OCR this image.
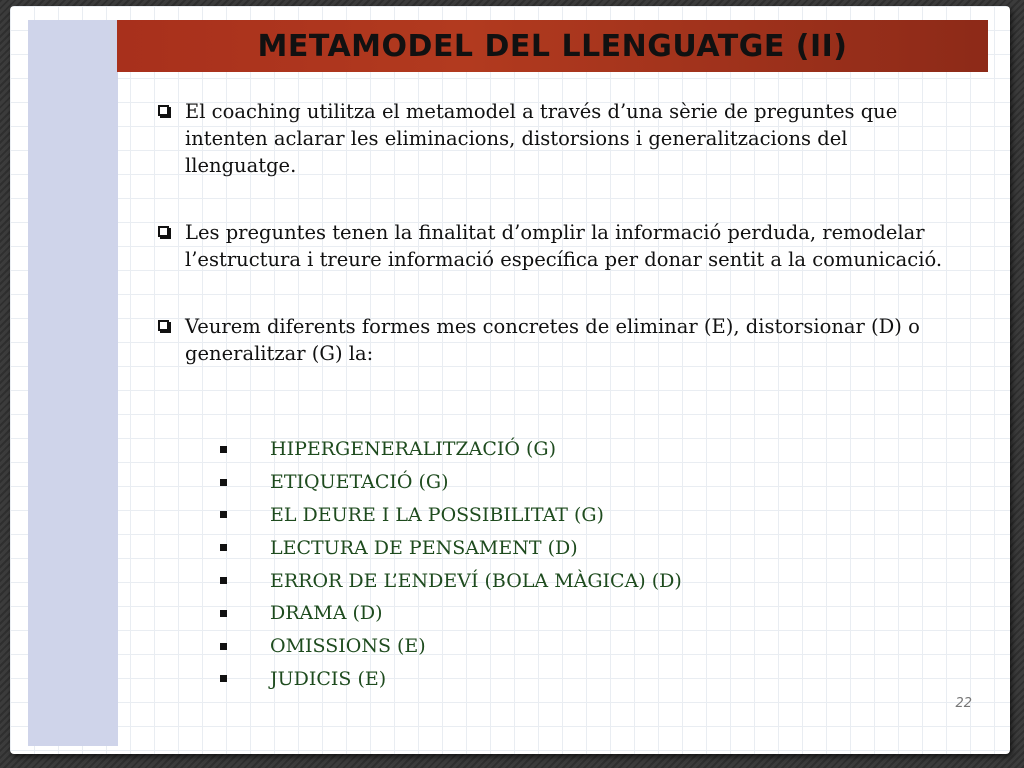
METAMODEL DEL LLENGUATGE (II)
El coaching utilitza el metamodel a través d’una sèrie de preguntes que intenten aclarar les eliminacions, distorsions i generalitzacions del llenguatge.
Les preguntes tenen la finalitat d’omplir la informació perduda, remodelar l’estructura i treure informació específica per donar sentit a la comunicació.
Veurem diferents formes mes concretes de eliminar (E), distorsionar (D) o generalitzar (G) la:
HIPERGENERALITZACIÓ (G)
ETIQUETACIÓ (G)
EL DEURE I LA POSSIBILITAT (G)
LECTURA DE PENSAMENT (D)
ERROR DE L’ENDEVÍ (BOLA MÀGICA) (D)
DRAMA (D)
OMISSIONS (E)
JUDICIS (E)
22
